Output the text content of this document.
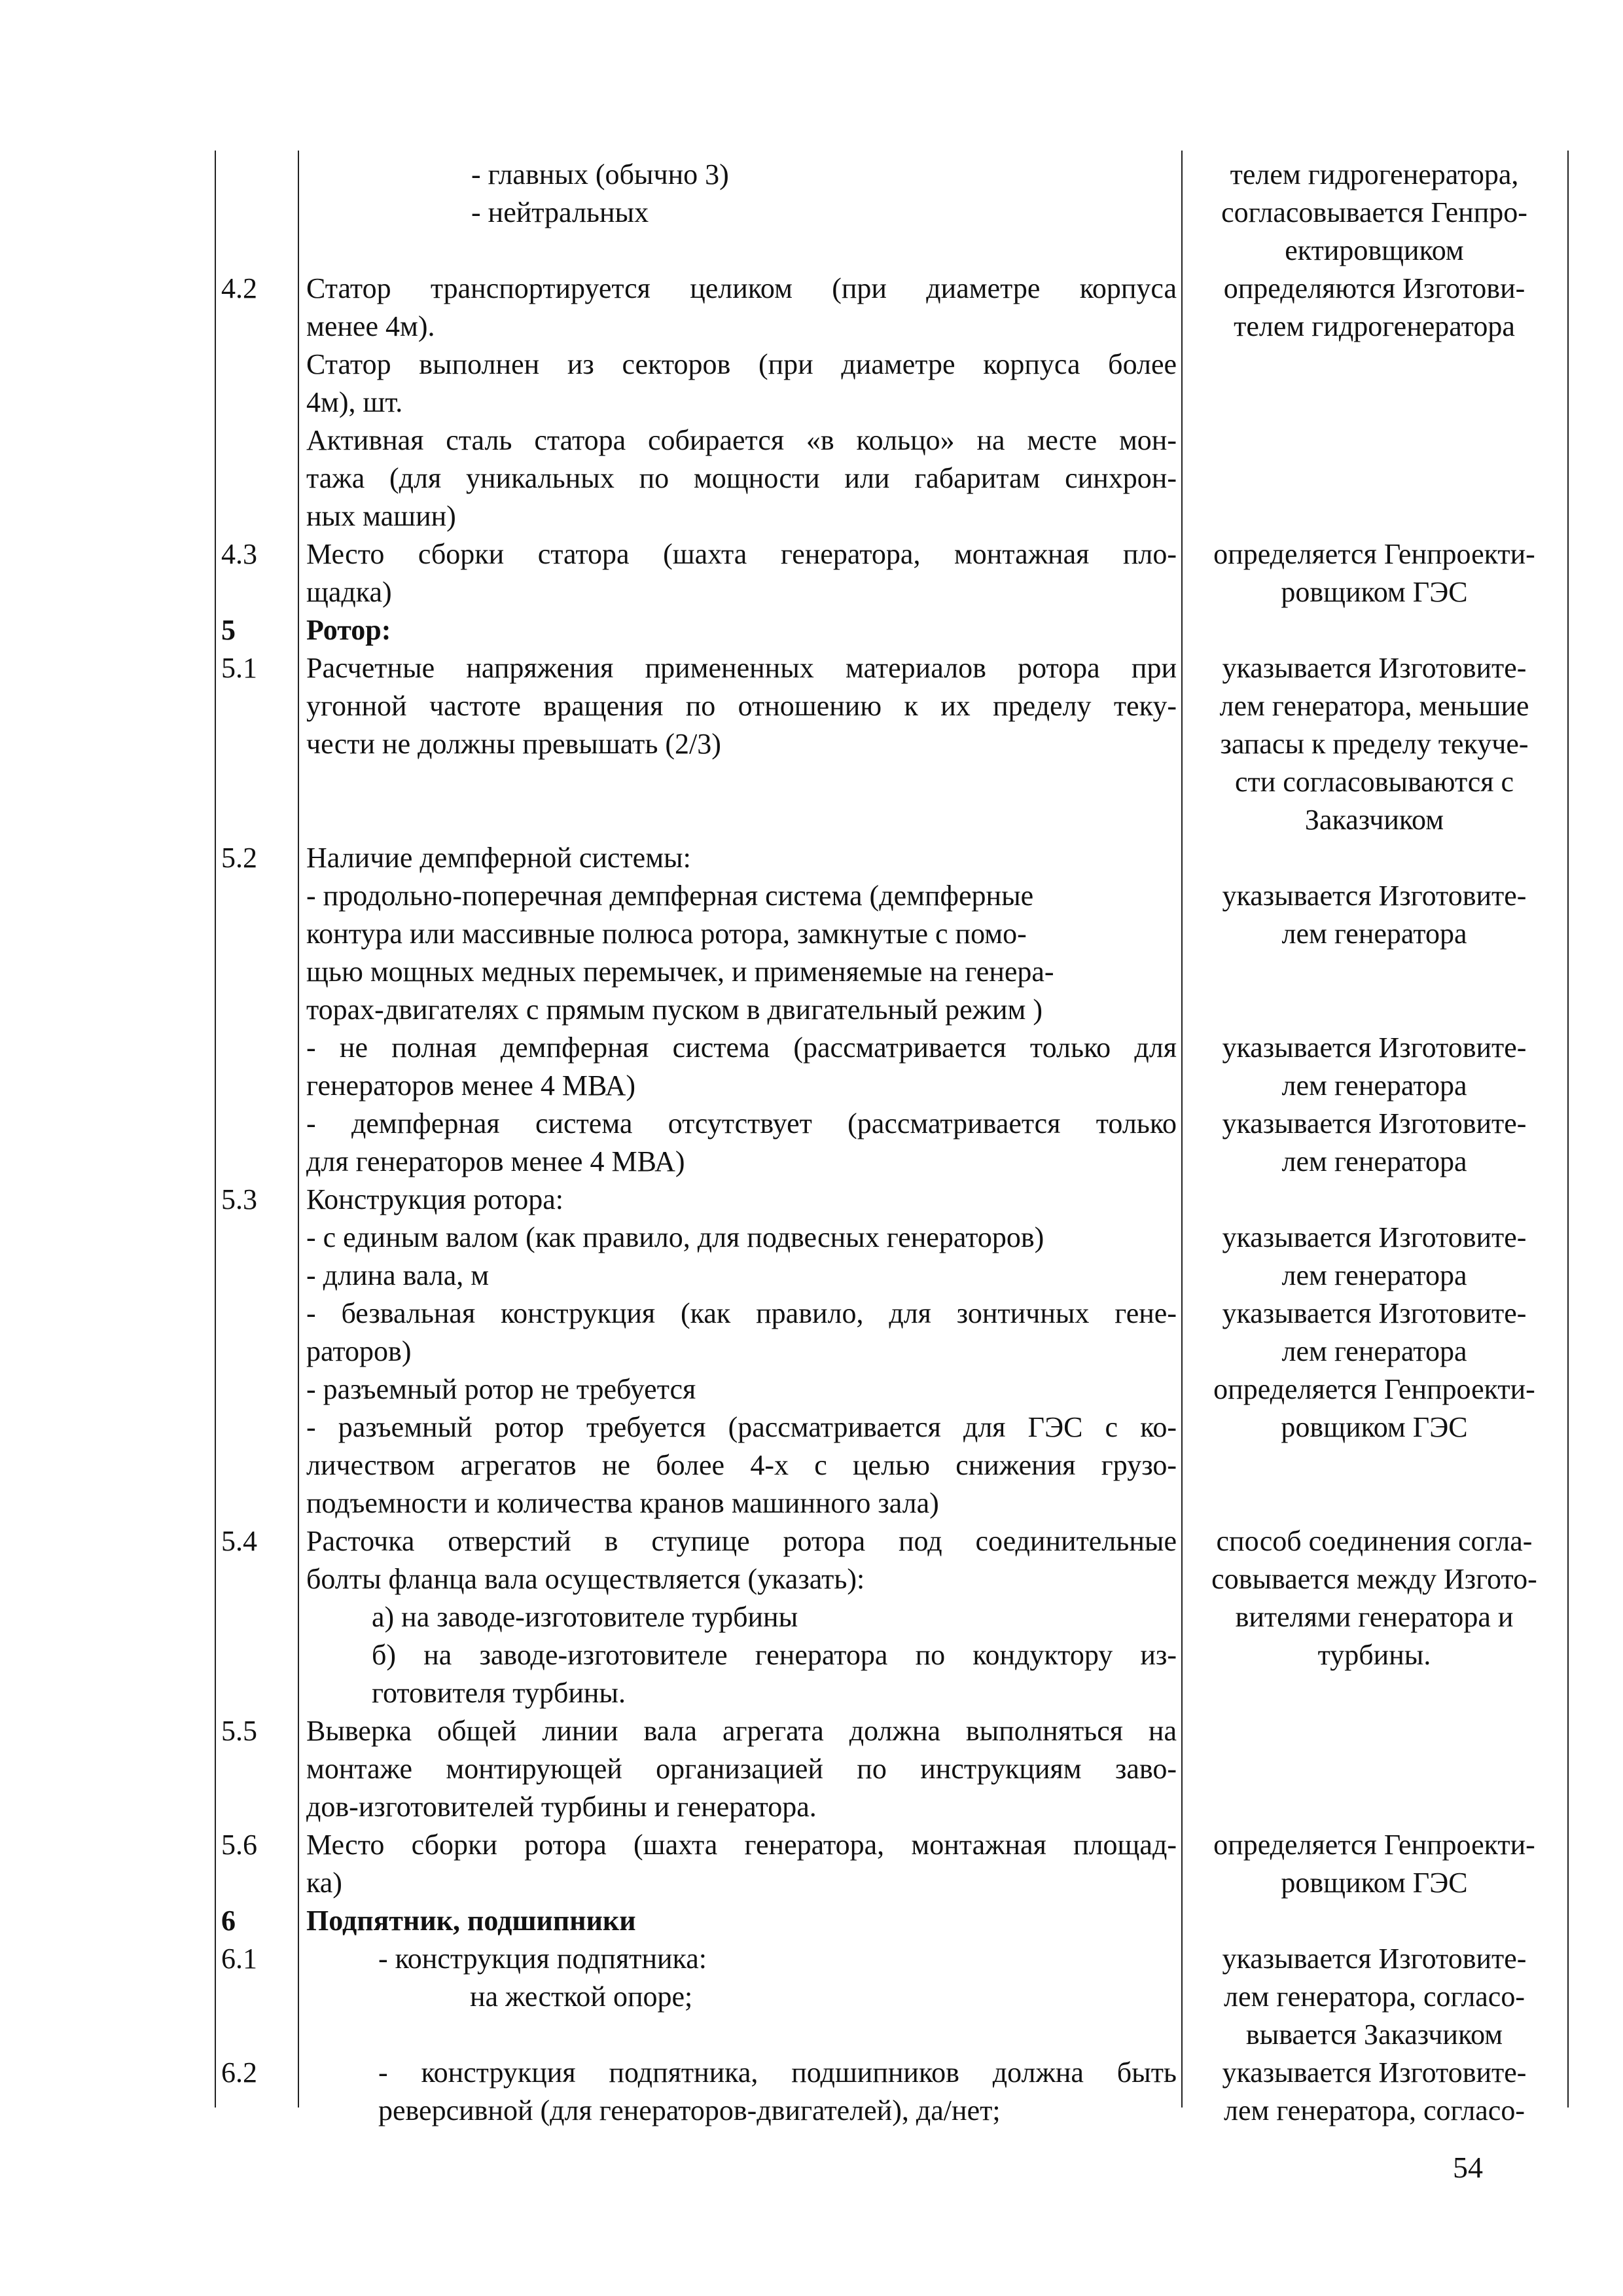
- главных (обычно 3)
- нейтральных
телем гидрогенератора,
согласовывается Генпро-
ектировщиком
4.2 Статор транспортируется целиком (при диаметре корпуса
менее 4м).
Статор выполнен из секторов (при диаметре корпуса более
4м), шт.
Активная сталь статора собирается «в кольцо» на месте мон-
тажа (для уникальных по мощности или габаритам синхрон-
ных машин)
определяются Изготови-
телем гидрогенератора
4.3 Место сборки статора (шахта генератора, монтажная пло-
щадка)
определяется Генпроекти-
ровщиком ГЭС
5 Ротор:
5.1 Расчетные напряжения примененных материалов ротора при
угонной частоте вращения по отношению к их пределу теку-
чести не должны превышать (2/3)
указывается Изготовите-
лем генератора, меньшие
запасы к пределу текуче-
сти согласовываются с
Заказчиком
5.2 Наличие демпферной системы:
- продольно-поперечная демпферная система (демпферные
контура или массивные полюса ротора, замкнутые с помо-
щью мощных медных перемычек, и применяемые на генера-
торах-двигателях с прямым пуском в двигательный режим )
- не полная демпферная система (рассматривается только для
генераторов менее 4 МВА)
- демпферная система отсутствует (рассматривается только
для генераторов менее 4 МВА)
указывается Изготовите-
лем генератора
указывается Изготовите-
лем генератора
указывается Изготовите-
лем генератора
5.3 Конструкция ротора:
- с единым валом (как правило, для подвесных генераторов)
- длина вала, м
- безвальная конструкция (как правило, для зонтичных гене-
раторов)
- разъемный ротор не требуется
- разъемный ротор требуется (рассматривается для ГЭС с ко-
личеством агрегатов не более 4-х с целью снижения грузо-
подъемности и количества кранов машинного зала)
указывается Изготовите-
лем генератора
указывается Изготовите-
лем генератора
определяется Генпроекти-
ровщиком ГЭС
5.4 Расточка отверстий в ступице ротора под соединительные
болты фланца вала осуществляется (указать):
а) на заводе-изготовителе турбины
б) на заводе-изготовителе генератора по кондуктору из-
готовителя турбины.
способ соединения согла-
совывается между Изгото-
вителями генератора и
турбины.
5.5 Выверка общей линии вала агрегата должна выполняться на
монтаже монтирующей организацией по инструкциям заво-
дов-изготовителей турбины и генератора.
5.6 Место сборки ротора (шахта генератора, монтажная площад-
ка)
определяется Генпроекти-
ровщиком ГЭС
6 Подпятник, подшипники
6.1	- конструкция подпятника:
на жесткой опоре;
указывается Изготовите-
лем генератора, согласо-
вывается Заказчиком
6.2	- конструкция подпятника, подшипников должна быть
реверсивной (для генераторов-двигателей), да/нет;
указывается Изготовите-
лем генератора, согласо-
54
